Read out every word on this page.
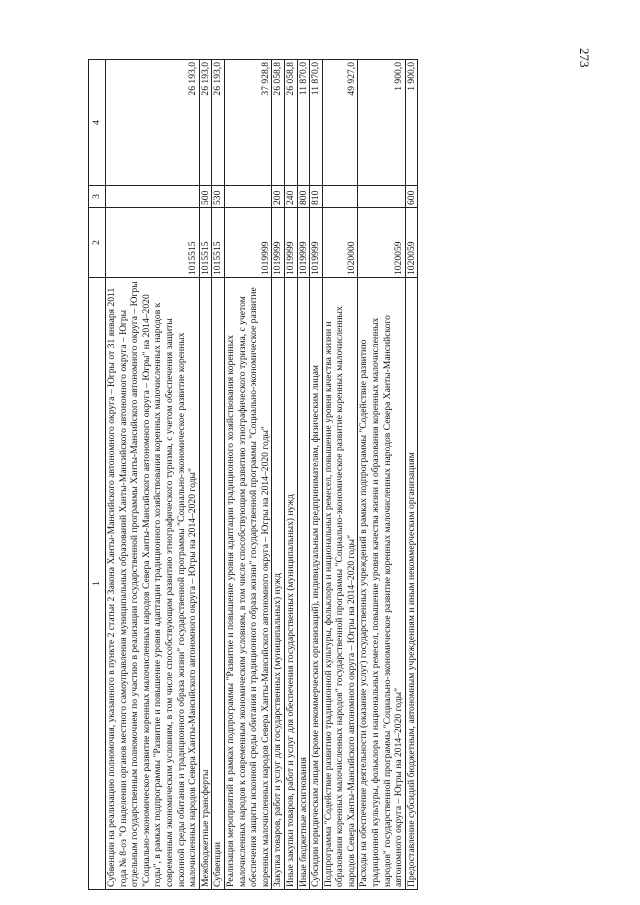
273
1	2	3	4
Субвенции на реализацию полномочия, указанного в пункте 2 статьи 2 Закона Ханты-Мансийского автономного округа – Югры от 31 января 2011 года № 8-оз "О наделении органов местного самоуправления муниципальных образований Ханты-Мансийского автономного округа – Югры отдельным государственным полномочием по участию в реализации государственной программы Ханты-Мансийского автономного округа – Югры "Социально-экономическое развитие коренных малочисленных народов Севера Ханты-Мансийского автономного округа – Югры" на 2014–2020 годы", в рамках подпрограммы "Развитие и повышение уровня адаптации традиционного хозяйствования коренных малочисленных народов к современным экономическим условиям, в том числе способствующим развитию этнографического туризма, с учетом обеспечения защиты исконной среды обитания и традиционного образа жизни" государственной программы "Социально-экономическое развитие коренных малочисленных народов Севера Ханты-Мансийского автономного округа – Югры на 2014–2020 годы"	1015515		26 193,0
Межбюджетные трансферты	1015515	500	26 193,0
Субвенции	1015515	530	26 193,0
Реализация мероприятий в рамках подпрограммы "Развитие и повышение уровня адаптации традиционного хозяйствования коренных малочисленных народов к современным экономическим условиям, в том числе способствующим развитию этнографического туризма, с учетом обеспечения защиты исконной среды обитания и традиционного образа жизни" государственной программы "Социально-экономическое развитие коренных малочисленных народов Севера Ханты-Мансийского автономного округа – Югры на 2014–2020 годы"	1019999		37 928,8
Закупка товаров, работ и услуг для государственных (муниципальных) нужд	1019999	200	26 058,8
Иные закупки товаров, работ и услуг для обеспечения государственных (муниципальных) нужд	1019999	240	26 058,8
Иные бюджетные ассигнования	1019999	800	11 870,0
Субсидии юридическим лицам (кроме некоммерческих организаций), индивидуальным предпринимателям, физическим лицам	1019999	810	11 870,0
Подпрограмма "Содействие развитию традиционной культуры, фольклора и национальных ремесел, повышение уровня качества жизни и образования коренных малочисленных народов" государственной программы "Социально-экономическое развитие коренных малочисленных народов Севера Ханты-Мансийского автономного округа – Югры на 2014–2020 годы"	1020000		49 927,0
Расходы на обеспечение деятельности (оказание услуг) государственных учреждений в рамках подпрограммы "Содействие развитию традиционной культуры, фольклора и национальных ремесел, повышение уровня качества жизни и образования коренных малочисленных народов" государственной программы "Социально-экономическое развитие коренных малочисленных народов Севера Ханты-Мансийского автономного округа – Югры на 2014–2020 годы"	1020059		1 900,0
Предоставление субсидий бюджетным, автономным учреждениям и иным некоммерческим организациям	1020059	600	1 900,0
